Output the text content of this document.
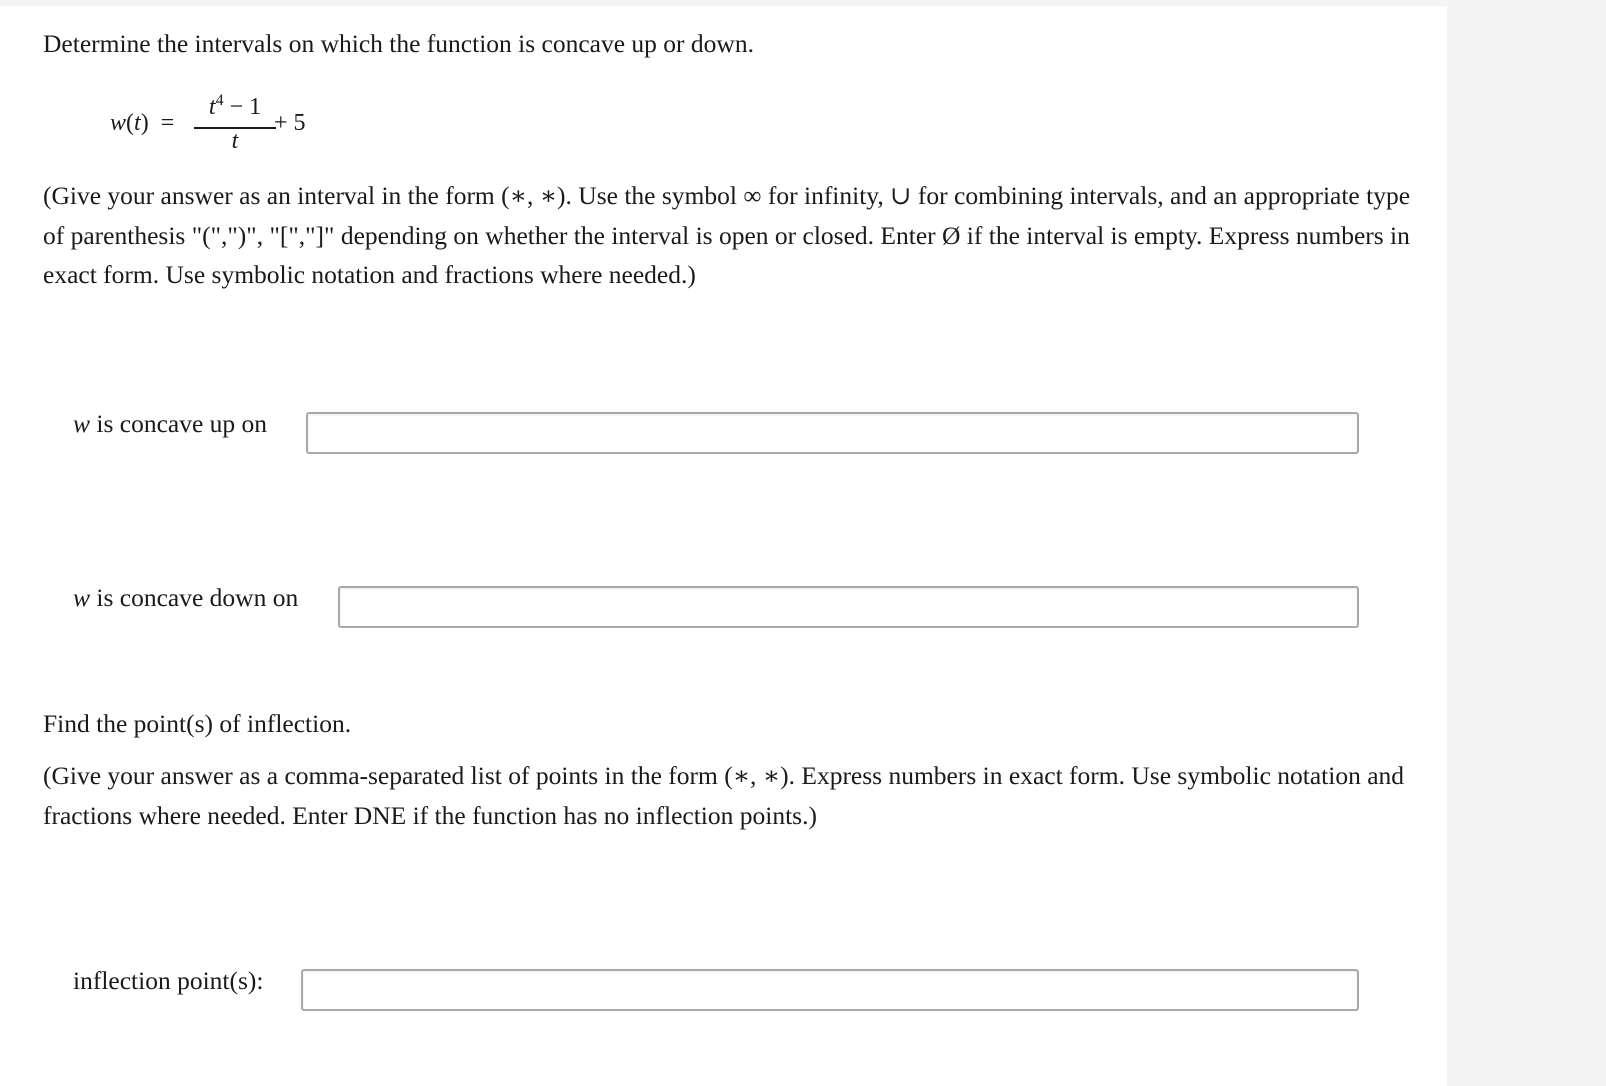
Determine the intervals on which the function is concave up or down.
w(t)  =
$t^4 - 1$
t
+ 5
(Give your answer as an interval in the form (∗, ∗). Use the symbol ∞ for infinity, ∪ for combining intervals, and an appropriate type of parenthesis "(",")", "[","]" depending on whether the interval is open or closed. Enter Ø if the interval is empty. Express numbers in exact form. Use symbolic notation and fractions where needed.)
w is concave up on
w is concave down on
Find the point(s) of inflection.
(Give your answer as a comma-separated list of points in the form (∗, ∗). Express numbers in exact form. Use symbolic notation and fractions where needed. Enter DNE if the function has no inflection points.)
inflection point(s):
